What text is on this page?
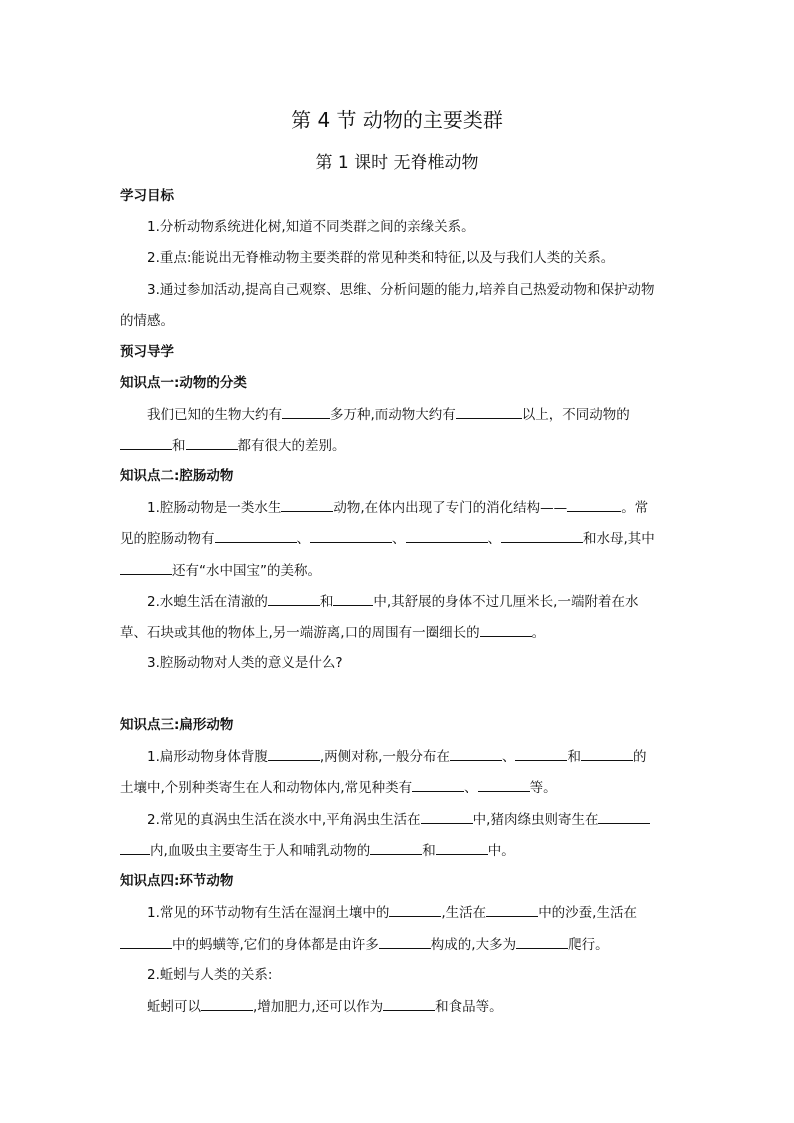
第 4 节 动物的主要类群
第 1 课时 无脊椎动物
学习目标
1.分析动物系统进化树,知道不同类群之间的亲缘关系。
2.重点:能说出无脊椎动物主要类群的常见种类和特征,以及与我们人类的关系。
3.通过参加活动,提高自己观察、思维、分析问题的能力,培养自己热爱动物和保护动物
的情感。
预习导学
知识点一:动物的分类
我们已知的生物大约有	多万种,而动物大约有	以上，不同动物的
和	都有很大的差别。
知识点二:腔肠动物
1.腔肠动物是一类水生	动物,在体内出现了专门的消化结构——	。常
见的腔肠动物有	、	、	、	和水母,其中
还有“水中国宝”的美称。
2.水螅生活在清澈的	和	中,其舒展的身体不过几厘米长,一端附着在水
草、石块或其他的物体上,另一端游离,口的周围有一圈细长的	。
3.腔肠动物对人类的意义是什么?
知识点三:扁形动物
1.扁形动物身体背腹	,两侧对称,一般分布在	、	和	的
土壤中,个别种类寄生在人和动物体内,常见种类有	、	等。
2.常见的真涡虫生活在淡水中,平角涡虫生活在	中,猪肉绦虫则寄生在
内,血吸虫主要寄生于人和哺乳动物的	和	中。
知识点四:环节动物
1.常见的环节动物有生活在湿润土壤中的	,生活在	中的沙蚕,生活在
中的蚂蟥等,它们的身体都是由许多	构成的,大多为	爬行。
2.蚯蚓与人类的关系:
蚯蚓可以	,增加肥力,还可以作为	和食品等。
